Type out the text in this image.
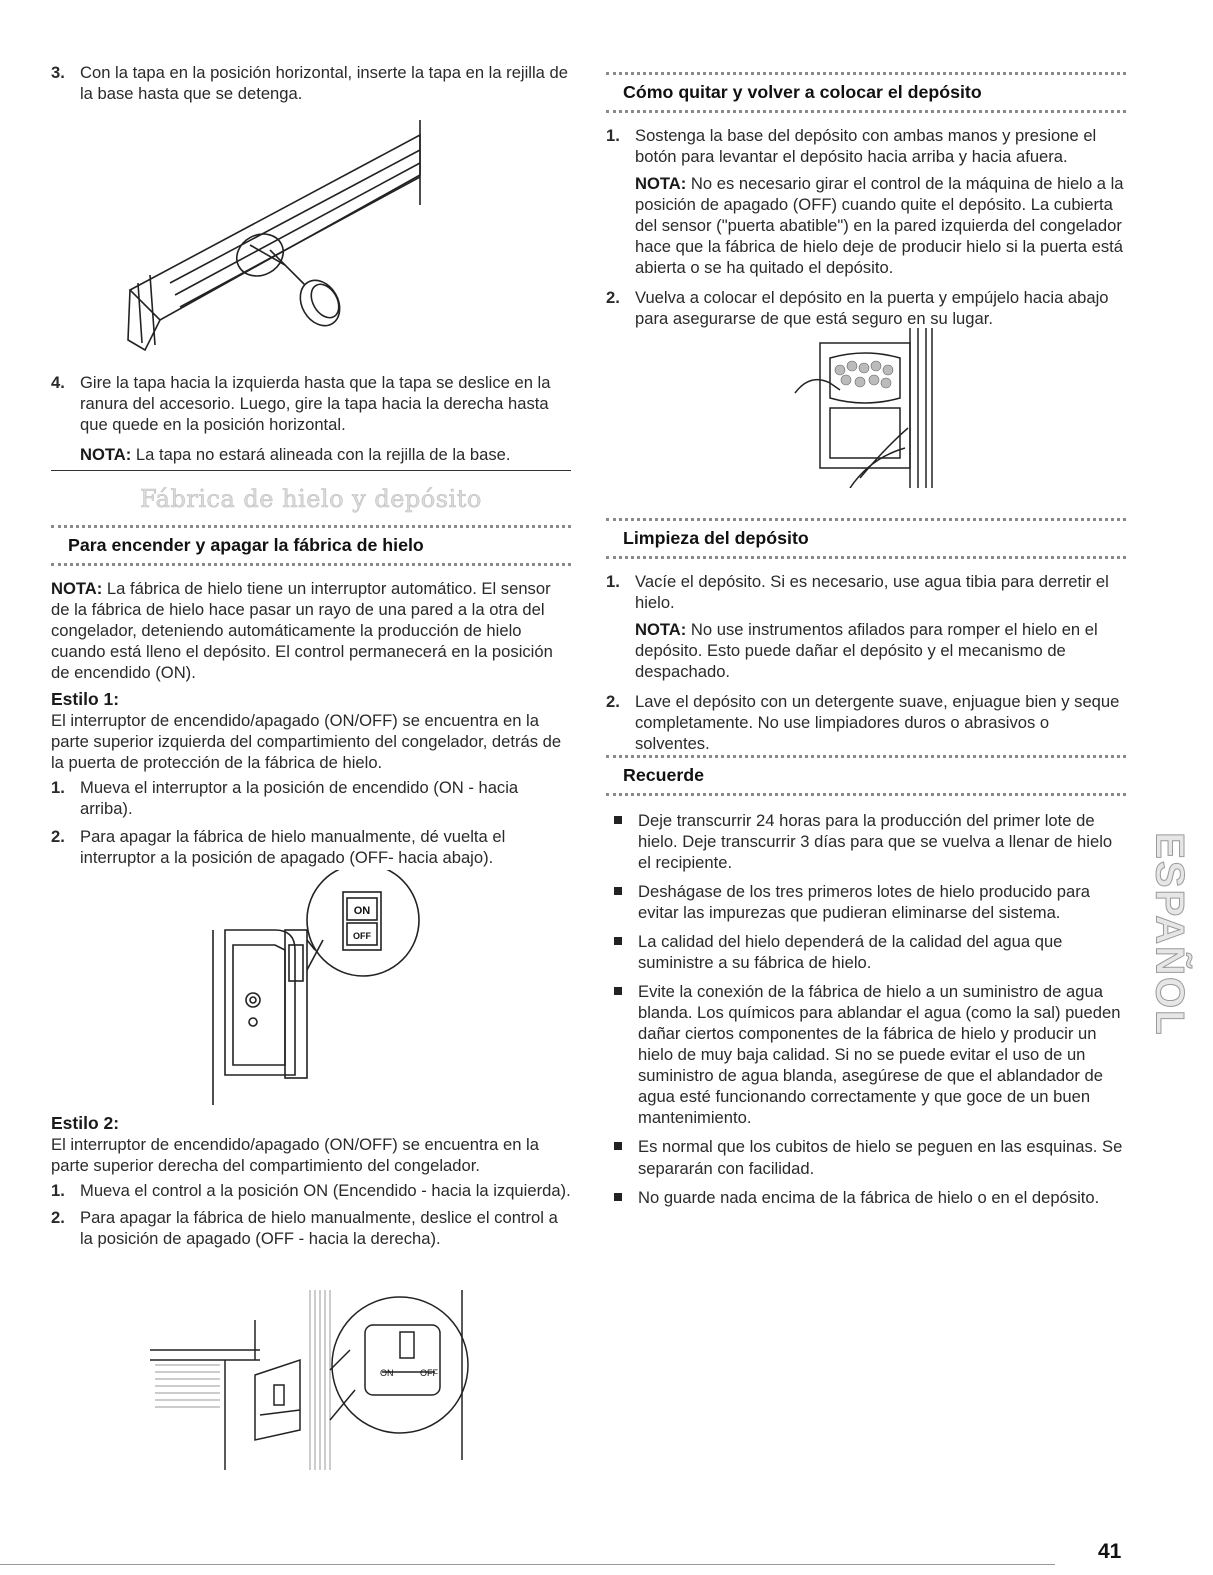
3. Con la tapa en la posición horizontal, inserte la tapa en la rejilla de la base hasta que se detenga.

4. Gire la tapa hacia la izquierda hasta que la tapa se deslice en la ranura del accesorio. Luego, gire la tapa hacia la derecha hasta que quede en la posición horizontal.

NOTA: La tapa no estará alineada con la rejilla de la base.

Fábrica de hielo y depósito
Para encender y apagar la fábrica de hielo

NOTA: La fábrica de hielo tiene un interruptor automático. El sensor de la fábrica de hielo hace pasar un rayo de una pared a la otra del congelador, deteniendo automáticamente la producción de hielo cuando está lleno el depósito. El control permanecerá en la posición de encendido (ON).

Estilo 1:

El interruptor de encendido/apagado (ON/OFF) se encuentra en la parte superior izquierda del compartimiento del congelador, detrás de la puerta de protección de la fábrica de hielo.

1. Mueva el interruptor a la posición de encendido (ON - hacia arriba).

2. Para apagar la fábrica de hielo manualmente, dé vuelta el interruptor a la posición de apagado (OFF- hacia abajo).

ON
OFF
Estilo 2:

El interruptor de encendido/apagado (ON/OFF) se encuentra en la parte superior derecha del compartimiento del congelador.

1. Mueva el control a la posición ON (Encendido - hacia la izquierda).

2. Para apagar la fábrica de hielo manualmente, deslice el control a la posición de apagado (OFF - hacia la derecha).

ON	OFF
Cómo quitar y volver a colocar el depósito

1. Sostenga la base del depósito con ambas manos y presione el botón para levantar el depósito hacia arriba y hacia afuera.

NOTA: No es necesario girar el control de la máquina de hielo a la posición de apagado (OFF) cuando quite el depósito. La cubierta del sensor ("puerta abatible") en la pared izquierda del congelador hace que la fábrica de hielo deje de producir hielo si la puerta está abierta o se ha quitado el depósito.

2. Vuelva a colocar el depósito en la puerta y empújelo hacia abajo para asegurarse de que está seguro en su lugar.

Limpieza del depósito

1. Vacíe el depósito. Si es necesario, use agua tibia para derretir el hielo.

NOTA: No use instrumentos afilados para romper el hielo en el depósito. Esto puede dañar el depósito y el mecanismo de despachado.

2. Lave el depósito con un detergente suave, enjuague bien y seque completamente. No use limpiadores duros o abrasivos o solventes.

Recuerde

Deje transcurrir 24 horas para la producción del primer lote de hielo. Deje transcurrir 3 días para que se vuelva a llenar de hielo el recipiente.

Deshágase de los tres primeros lotes de hielo producido para evitar las impurezas que pudieran eliminarse del sistema.

La calidad del hielo dependerá de la calidad del agua que suministre a su fábrica de hielo.

Evite la conexión de la fábrica de hielo a un suministro de agua blanda. Los químicos para ablandar el agua (como la sal) pueden dañar ciertos componentes de la fábrica de hielo y producir un hielo de muy baja calidad. Si no se puede evitar el uso de un suministro de agua blanda, asegúrese de que el ablandador de agua esté funcionando correctamente y que goce de un buen mantenimiento.

Es normal que los cubitos de hielo se peguen en las esquinas. Se separarán con facilidad.

No guarde nada encima de la fábrica de hielo o en el depósito.

ESPAÑOL
41
